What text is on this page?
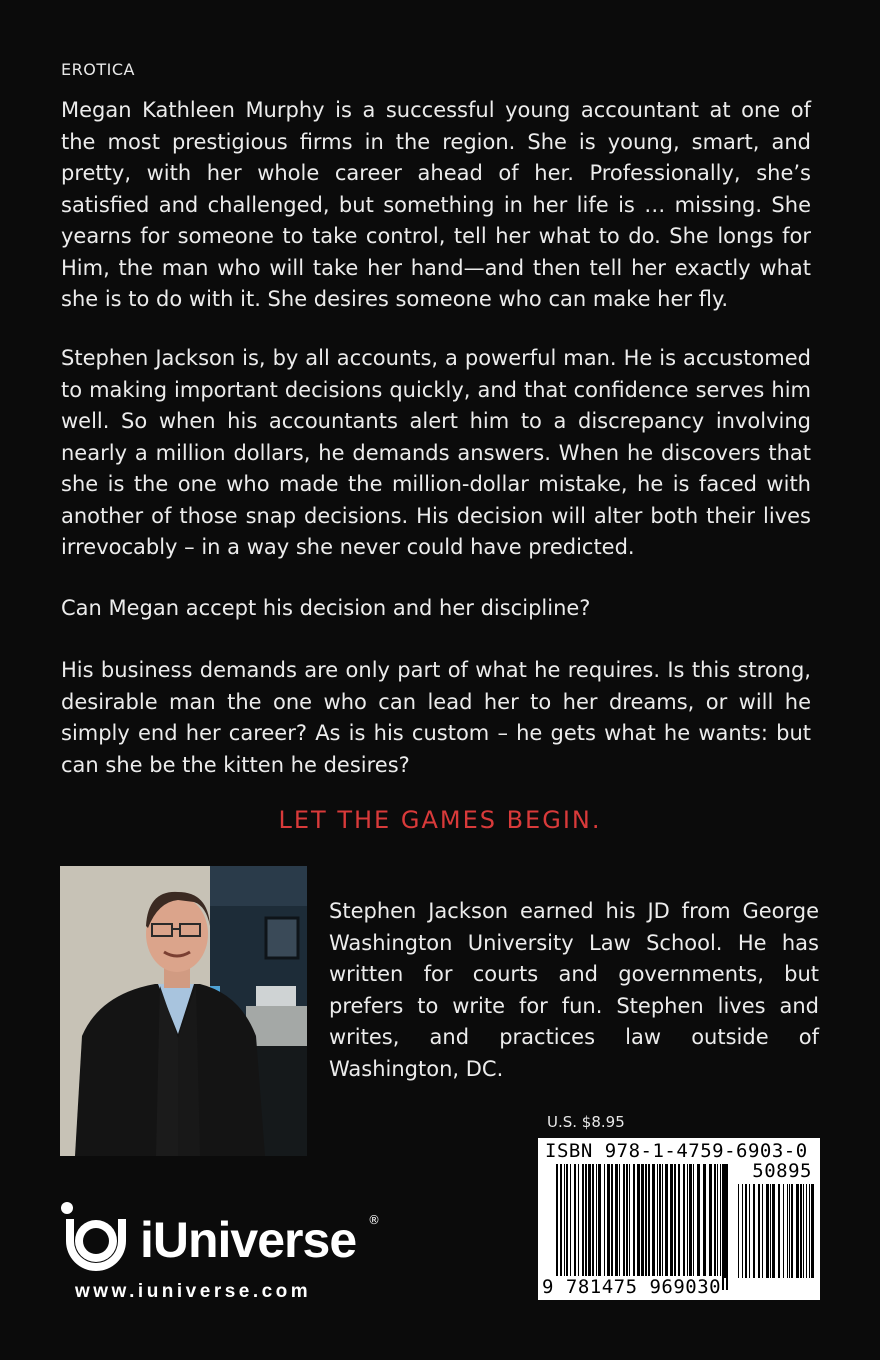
EROTICA

Megan Kathleen Murphy is a successful young accountant at one of the most prestigious firms in the region. She is young, smart, and pretty, with her whole career ahead of her. Professionally, she’s satisfied and challenged, but something in her life is … missing. She yearns for someone to take control, tell her what to do. She longs for Him, the man who will take her hand—and then tell her exactly what she is to do with it. She desires someone who can make her fly.

Stephen Jackson is, by all accounts, a powerful man. He is accustomed to making important decisions quickly, and that confidence serves him well. So when his accountants alert him to a discrepancy involving nearly a million dollars, he demands answers. When he discovers that she is the one who made the million-dollar mistake, he is faced with another of those snap decisions. His decision will alter both their lives irrevocably – in a way she never could have predicted.

Can Megan accept his decision and her discipline?

His business demands are only part of what he requires. Is this strong, desirable man the one who can lead her to her dreams, or will he simply end her career? As is his custom – he gets what he wants: but can she be the kitten he desires?

LET THE GAMES BEGIN.

Stephen Jackson earned his JD from George Washington University Law School. He has written for courts and governments, but prefers to write for fun. Stephen lives and writes, and practices law outside of Washington, DC.

U.S. $8.95
ISBN 978-1-4759-6903-0
50895
9 781475 969030
iUniverse ®
www.iuniverse.com
